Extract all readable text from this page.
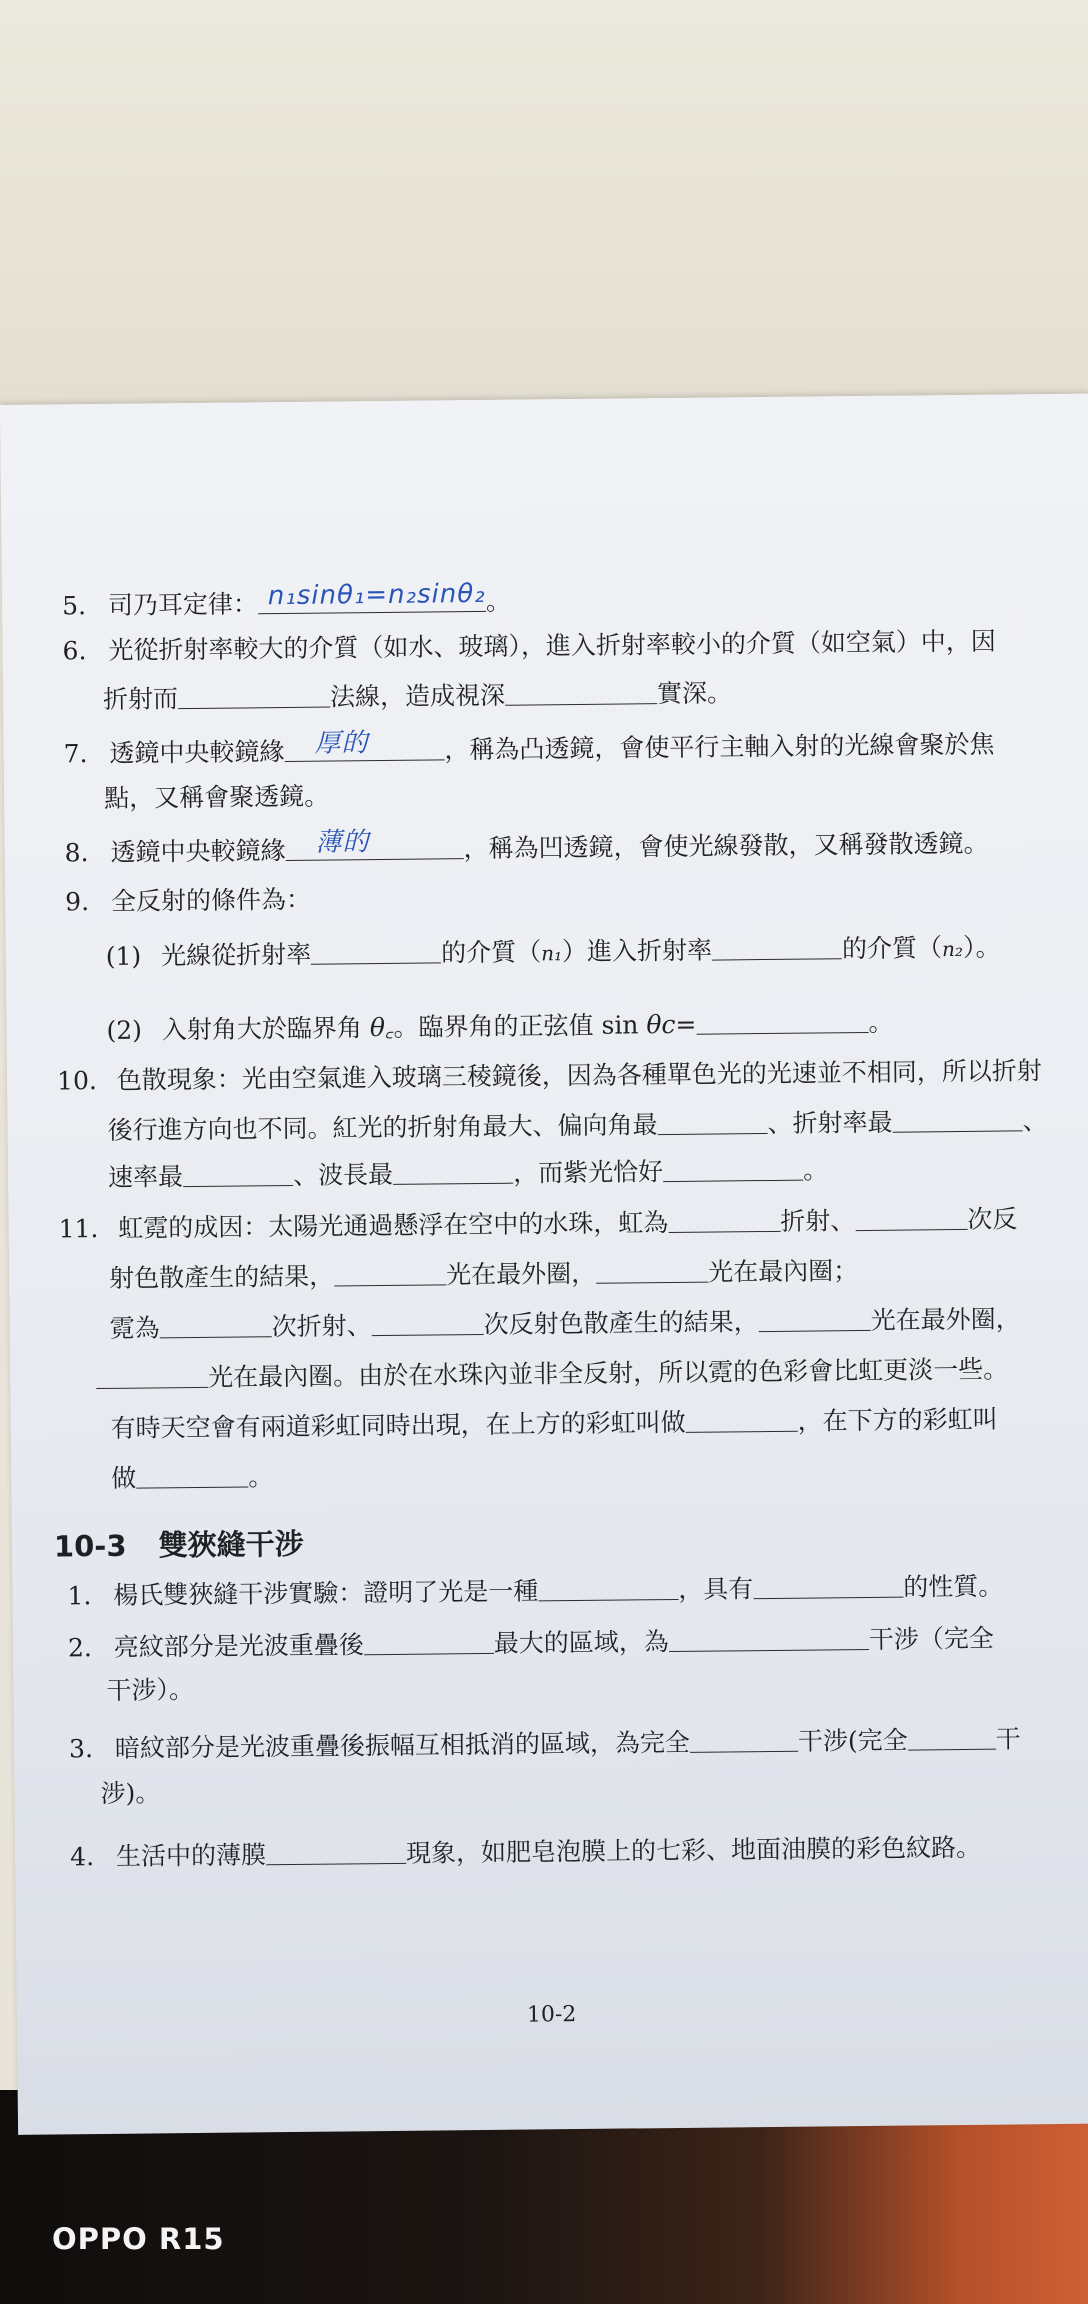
5. 司乃耳定律： n₁sinθ₁=n₂sinθ₂ 。
6. 光從折射率較大的介質（如水、玻璃），進入折射率較小的介質（如空氣）中，因
折射而	法線，造成視深	實深。
7. 透鏡中央較鏡緣 厚的	，稱為凸透鏡，會使平行主軸入射的光線會聚於焦
點，又稱會聚透鏡。
8. 透鏡中央較鏡緣 薄的	，稱為凹透鏡，會使光線發散，又稱發散透鏡。
9. 全反射的條件為：
(1) 光線從折射率	的介質（n₁）進入折射率	的介質（n₂）。
(2) 入射角大於臨界角 θ꜀。臨界角的正弦值 sin θc=	。
10. 色散現象：光由空氣進入玻璃三稜鏡後，因為各種單色光的光速並不相同，所以折射
後行進方向也不同。紅光的折射角最大、偏向角最	、折射率最	、
速率最	、波長最	，而紫光恰好	。
11. 虹霓的成因：太陽光通過懸浮在空中的水珠，虹為	折射、	次反
射色散產生的結果，	光在最外圈，	光在最內圈；
霓為	次折射、	次反射色散產生的結果，	光在最外圈，
光在最內圈。由於在水珠內並非全反射，所以霓的色彩會比虹更淡一些。
有時天空會有兩道彩虹同時出現，在上方的彩虹叫做	，在下方的彩虹叫
做	。
10-3 雙狹縫干涉
1. 楊氏雙狹縫干涉實驗：證明了光是一種	，具有	的性質。
2. 亮紋部分是光波重疊後	最大的區域，為	干涉（完全
干涉）。
3. 暗紋部分是光波重疊後振幅互相抵消的區域，為完全	干涉(完全	干
涉)。
4. 生活中的薄膜	現象，如肥皂泡膜上的七彩、地面油膜的彩色紋路。
10-2
OPPO R15
